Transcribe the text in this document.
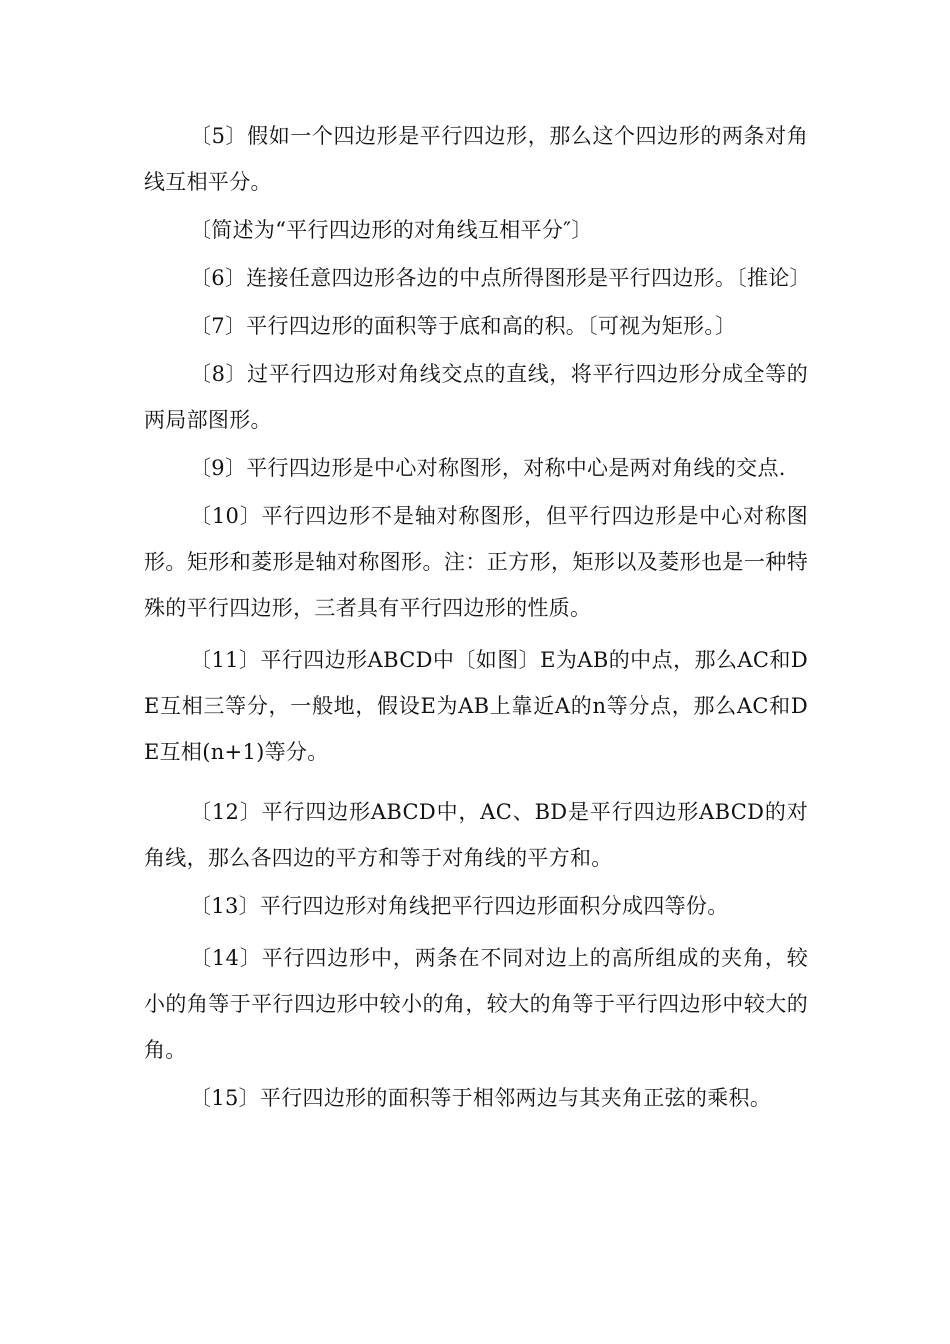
〔5〕假如一个四边形是平行四边形，那么这个四边形的两条对角线互相平分。

〔简述为“平行四边形的对角线互相平分″〕

〔6〕连接任意四边形各边的中点所得图形是平行四边形。〔推论〕

〔7〕平行四边形的面积等于底和高的积。〔可视为矩形。〕

〔8〕过平行四边形对角线交点的直线，将平行四边形分成全等的两局部图形。

〔9〕平行四边形是中心对称图形，对称中心是两对角线的交点.

〔10〕平行四边形不是轴对称图形，但平行四边形是中心对称图形。矩形和菱形是轴对称图形。注：正方形，矩形以及菱形也是一种特殊的平行四边形，三者具有平行四边形的性质。

〔11〕平行四边形ABCD中〔如图〕E为AB的中点，那么AC和DE互相三等分，一般地，假设E为AB上靠近A的n等分点，那么AC和DE互相(n+1)等分。

〔12〕平行四边形ABCD中，AC、BD是平行四边形ABCD的对角线，那么各四边的平方和等于对角线的平方和。

〔13〕平行四边形对角线把平行四边形面积分成四等份。

〔14〕平行四边形中，两条在不同对边上的高所组成的夹角，较小的角等于平行四边形中较小的角，较大的角等于平行四边形中较大的角。

〔15〕平行四边形的面积等于相邻两边与其夹角正弦的乘积。
